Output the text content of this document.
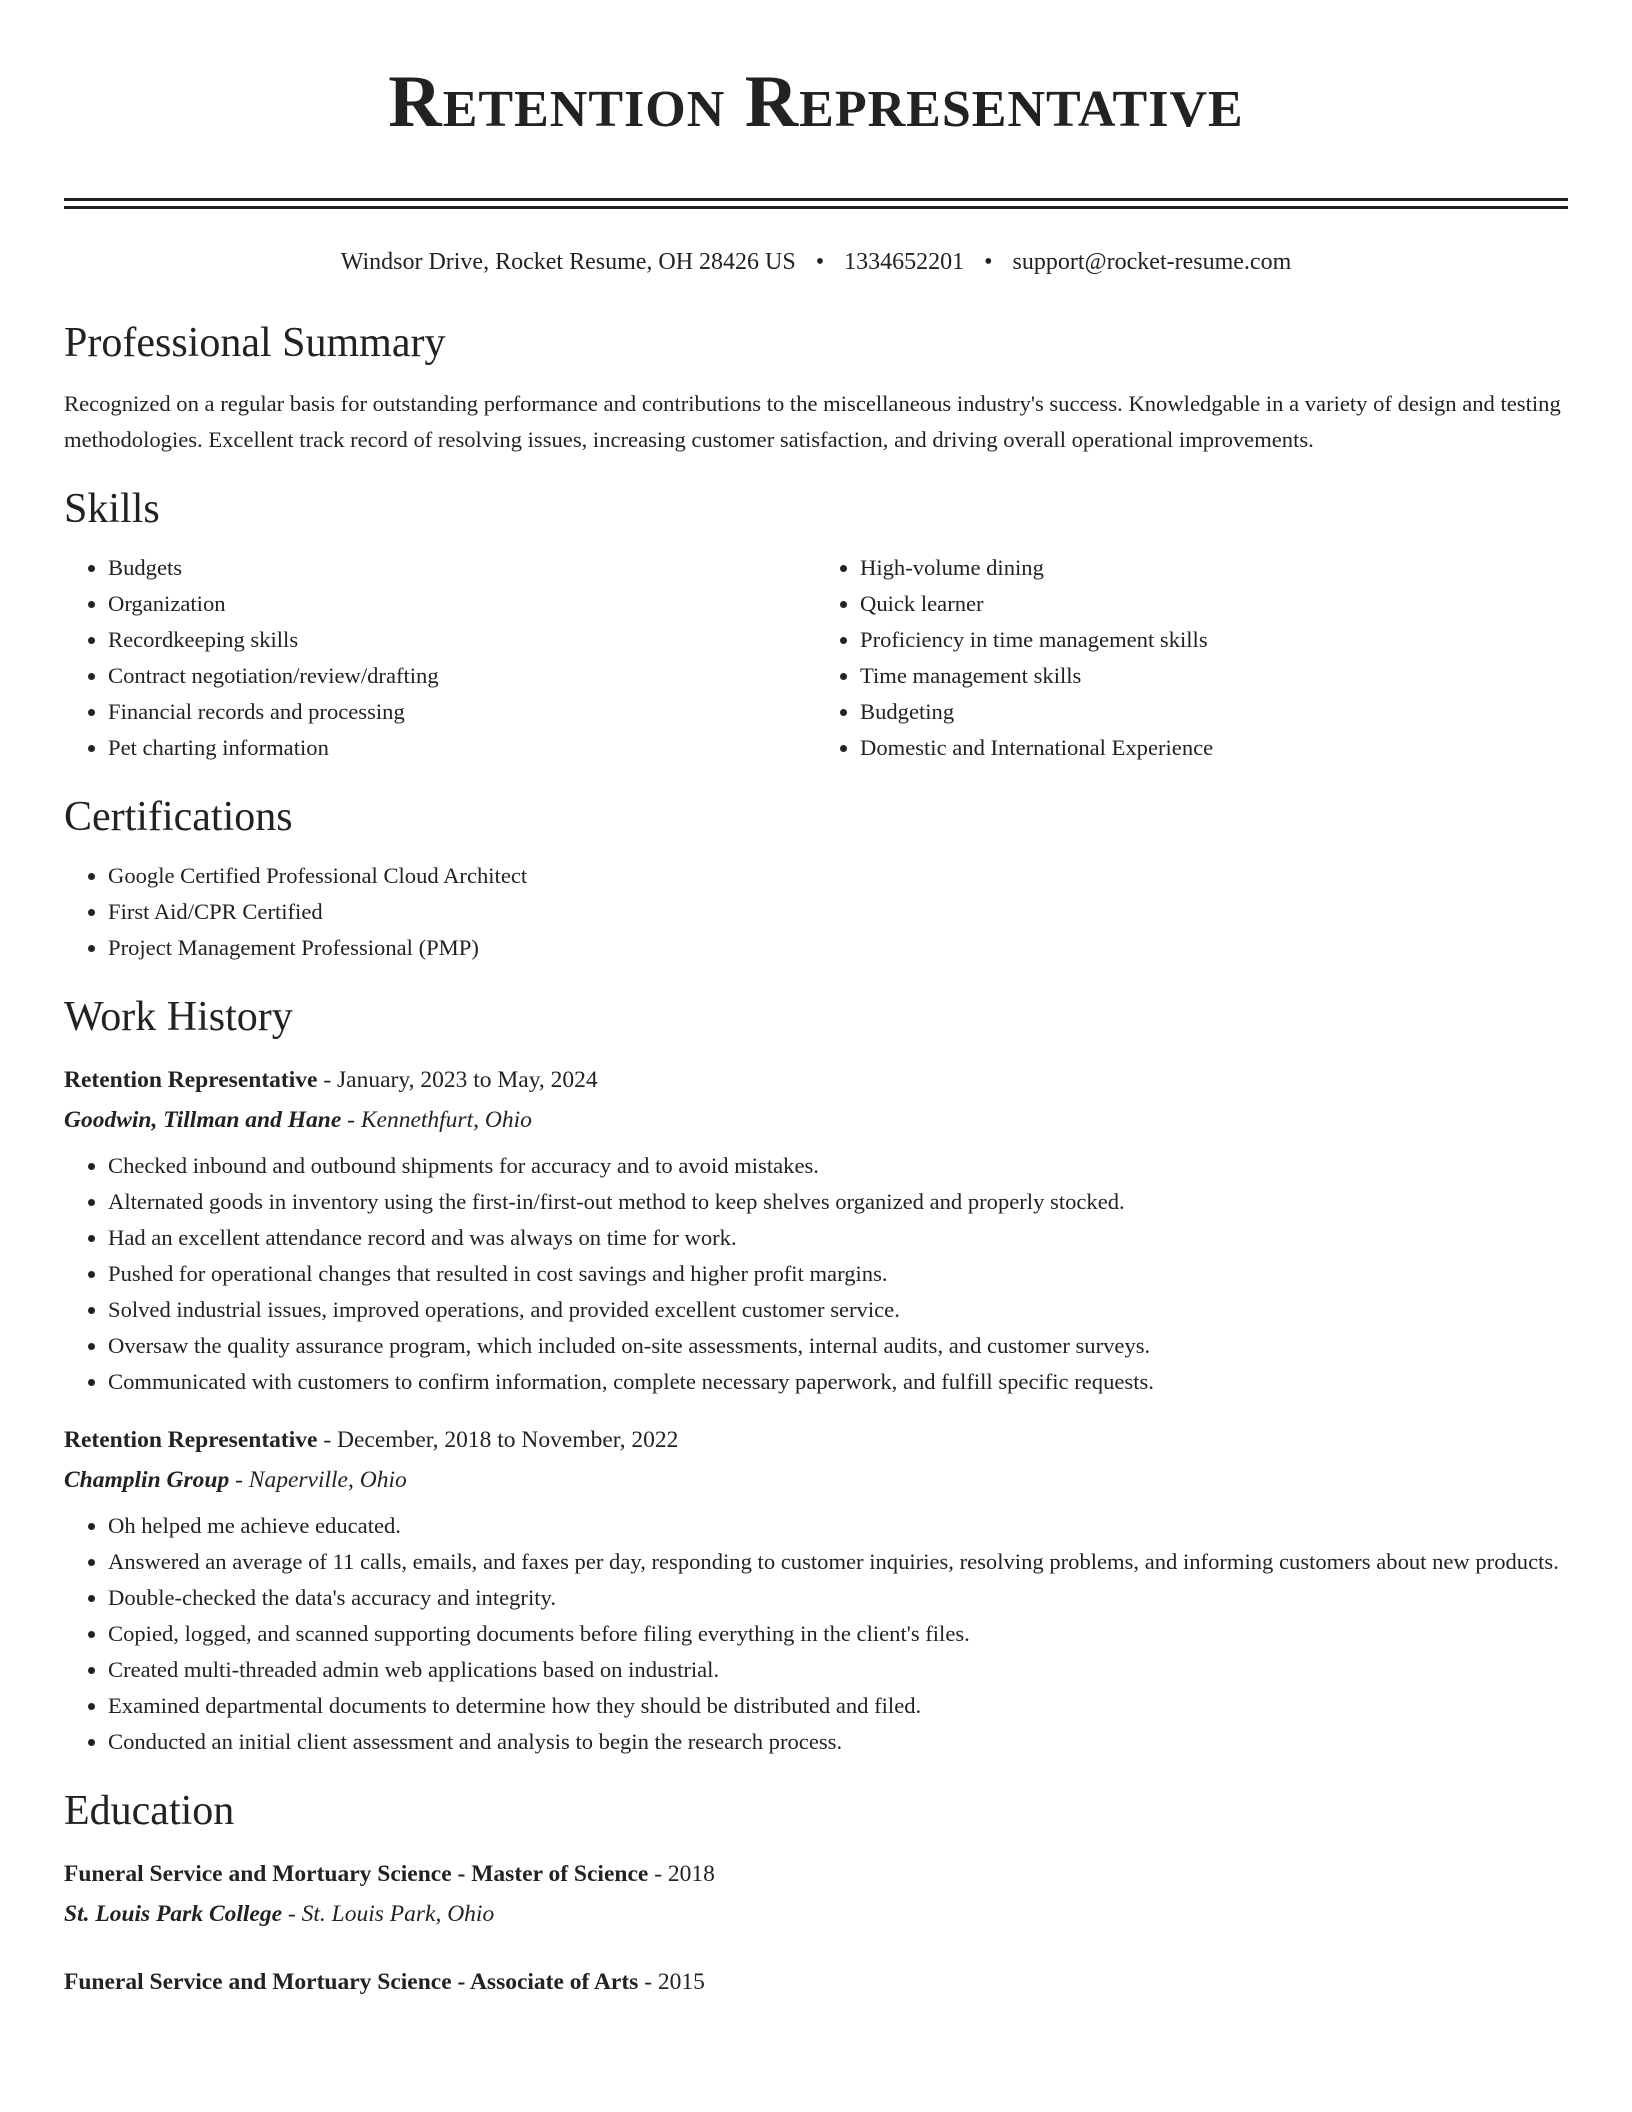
Retention Representative
Windsor Drive, Rocket Resume, OH 28426 US • 1334652201 • support@rocket-resume.com
Professional Summary
Recognized on a regular basis for outstanding performance and contributions to the miscellaneous industry's success. Knowledgable in a variety of design and testing methodologies. Excellent track record of resolving issues, increasing customer satisfaction, and driving overall operational improvements.
Skills
• Budgets
• Organization
• Recordkeeping skills
• Contract negotiation/review/drafting
• Financial records and processing
• Pet charting information
• High-volume dining
• Quick learner
• Proficiency in time management skills
• Time management skills
• Budgeting
• Domestic and International Experience
Certifications
• Google Certified Professional Cloud Architect
• First Aid/CPR Certified
• Project Management Professional (PMP)
Work History
Retention Representative - January, 2023 to May, 2024
Goodwin, Tillman and Hane - Kennethfurt, Ohio
• Checked inbound and outbound shipments for accuracy and to avoid mistakes.
• Alternated goods in inventory using the first-in/first-out method to keep shelves organized and properly stocked.
• Had an excellent attendance record and was always on time for work.
• Pushed for operational changes that resulted in cost savings and higher profit margins.
• Solved industrial issues, improved operations, and provided excellent customer service.
• Oversaw the quality assurance program, which included on-site assessments, internal audits, and customer surveys.
• Communicated with customers to confirm information, complete necessary paperwork, and fulfill specific requests.
Retention Representative - December, 2018 to November, 2022
Champlin Group - Naperville, Ohio
• Oh helped me achieve educated.
• Answered an average of 11 calls, emails, and faxes per day, responding to customer inquiries, resolving problems, and informing customers about new products.
• Double-checked the data's accuracy and integrity.
• Copied, logged, and scanned supporting documents before filing everything in the client's files.
• Created multi-threaded admin web applications based on industrial.
• Examined departmental documents to determine how they should be distributed and filed.
• Conducted an initial client assessment and analysis to begin the research process.
Education
Funeral Service and Mortuary Science - Master of Science - 2018
St. Louis Park College - St. Louis Park, Ohio
Funeral Service and Mortuary Science - Associate of Arts - 2015
